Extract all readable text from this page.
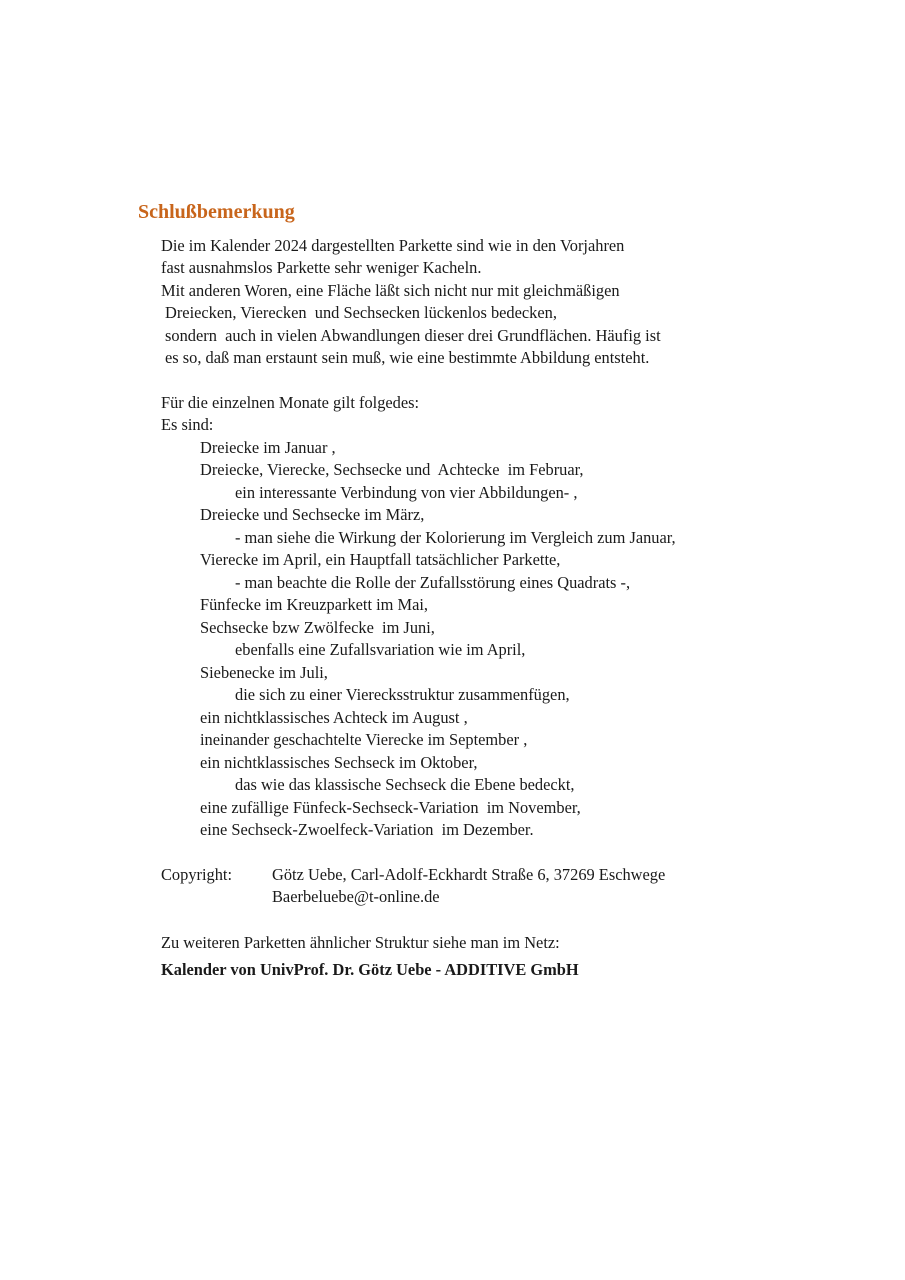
Schlußbemerkung

Die im Kalender 2024 dargestellten Parkette sind wie in den Vorjahren

fast ausnahmslos Parkette sehr weniger Kacheln.

Mit anderen Woren, eine Fläche läßt sich nicht nur mit gleichmäßigen

Dreiecken, Vierecken  und Sechsecken lückenlos bedecken,

sondern  auch in vielen Abwandlungen dieser drei Grundflächen. Häufig ist

es so, daß man erstaunt sein muß, wie eine bestimmte Abbildung entsteht.

Für die einzelnen Monate gilt folgedes:

Es sind:

Dreiecke im Januar ,

Dreiecke, Vierecke, Sechsecke und  Achtecke  im Februar,

ein interessante Verbindung von vier Abbildungen- ,

Dreiecke und Sechsecke im März,

- man siehe die Wirkung der Kolorierung im Vergleich zum Januar,

Vierecke im April, ein Hauptfall tatsächlicher Parkette,

- man beachte die Rolle der Zufallsstörung eines Quadrats -,

Fünfecke im Kreuzparkett im Mai,

Sechsecke bzw Zwölfecke  im Juni,

ebenfalls eine Zufallsvariation wie im April,

Siebenecke im Juli,

die sich zu einer Vierecksstruktur zusammenfügen,

ein nichtklassisches Achteck im August ,

ineinander geschachtelte Vierecke im September ,

ein nichtklassisches Sechseck im Oktober,

das wie das klassische Sechseck die Ebene bedeckt,

eine zufällige Fünfeck-Sechseck-Variation  im November,

eine Sechseck-Zwoelfeck-Variation  im Dezember.

Copyright: Götz Uebe, Carl-Adolf-Eckhardt Straße 6, 37269 Eschwege

Baerbeluebe@t-online.de

Zu weiteren Parketten ähnlicher Struktur siehe man im Netz:

Kalender von UnivProf. Dr. Götz Uebe - ADDITIVE GmbH
